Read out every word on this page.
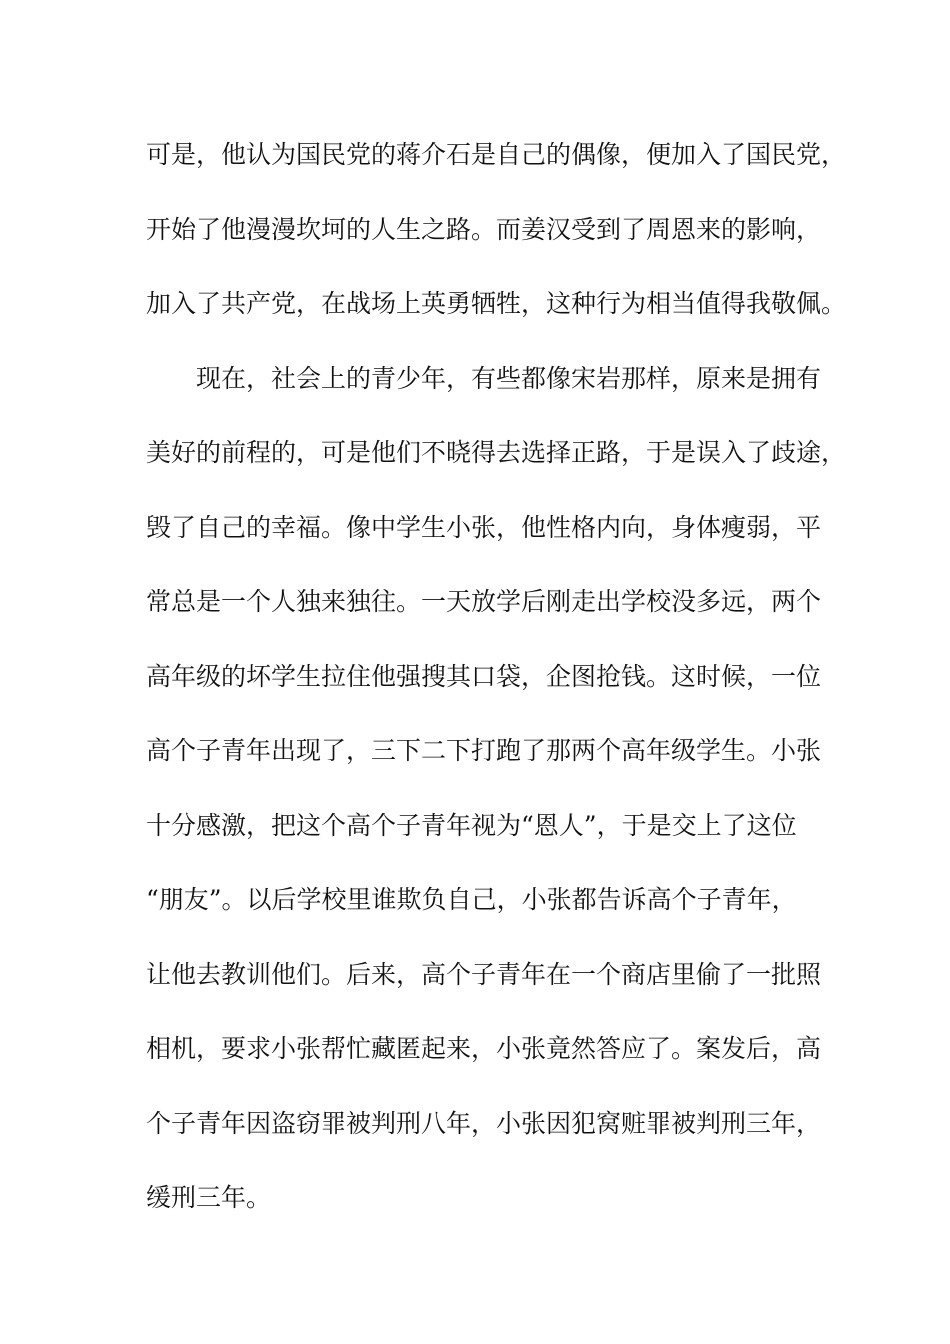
可是，他认为国民党的蒋介石是自己的偶像，便加入了国民党，
开始了他漫漫坎坷的人生之路。而姜汉受到了周恩来的影响，
加入了共产党，在战场上英勇牺牲，这种行为相当值得我敬佩。
现在，社会上的青少年，有些都像宋岩那样，原来是拥有
美好的前程的，可是他们不晓得去选择正路，于是误入了歧途，
毁了自己的幸福。像中学生小张，他性格内向，身体瘦弱，平
常总是一个人独来独往。一天放学后刚走出学校没多远，两个
高年级的坏学生拉住他强搜其口袋，企图抢钱。这时候，一位
高个子青年出现了，三下二下打跑了那两个高年级学生。小张
十分感激，把这个高个子青年视为“恩人”，于是交上了这位
“朋友”。以后学校里谁欺负自己，小张都告诉高个子青年，
让他去教训他们。后来，高个子青年在一个商店里偷了一批照
相机，要求小张帮忙藏匿起来，小张竟然答应了。案发后，高
个子青年因盗窃罪被判刑八年，小张因犯窝赃罪被判刑三年，
缓刑三年。
